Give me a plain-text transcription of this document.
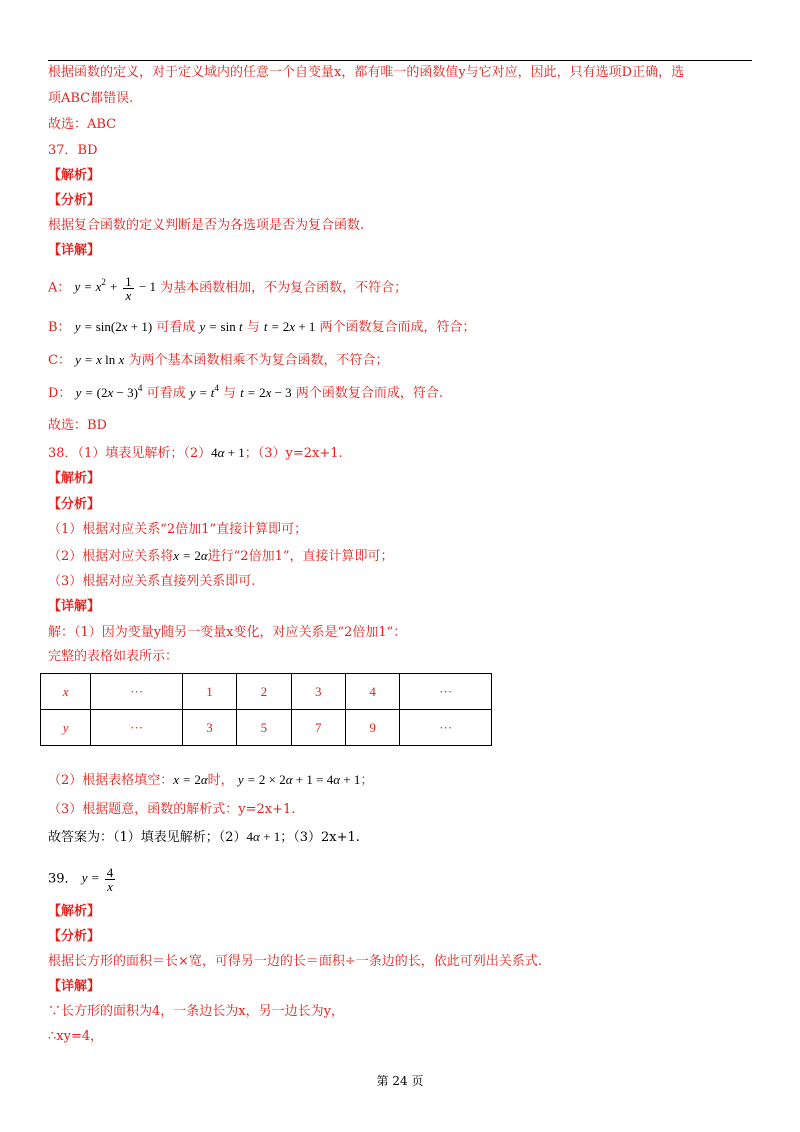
根据函数的定义，对于定义域内的任意一个自变量x，都有唯一的函数值y与它对应，因此，只有选项D正确，选
项ABC都错误.
故选：ABC
37．BD
【解析】
【分析】
根据复合函数的定义判断是否为各选项是否为复合函数.
【详解】
A： $y = x^2 + \frac{1}{x} - 1$ 为基本函数相加，不为复合函数，不符合；
B： y = sin(2x + 1) 可看成 y = sin t 与 t = 2x + 1 两个函数复合而成，符合；
C： y = x ln x 为两个基本函数相乘不为复合函数，不符合；
D： $y = (2x - 3)^4$ 可看成 $y = t^4$ 与 t = 2x − 3 两个函数复合而成，符合.
故选：BD
38．（1）填表见解析；（2）4α + 1；（3）y=2x+1.
【解析】
【分析】
（1）根据对应关系“2倍加1”直接计算即可；
（2）根据对应关系将x = 2α进行“2倍加1”，直接计算即可；
（3）根据对应关系直接列关系即可.
【详解】
解：（1）因为变量y随另一变量x变化，对应关系是“2倍加1”：
完整的表格如表所示：
x	···	1	2	3	4	···
y	···	3	5	7	9	···
（2）根据表格填空：x = 2α时， y = 2 × 2α + 1 = 4α + 1；
（3）根据题意，函数的解析式：y=2x+1.
故答案为：（1）填表见解析；（2）4α + 1；（3）2x+1.
39． $y = \frac{4}{x}$
【解析】
【分析】
根据长方形的面积＝长×宽，可得另一边的长＝面积÷一条边的长，依此可列出关系式.
【详解】
∵长方形的面积为4，一条边长为x，另一边长为y，
∴xy=4，
第 24 页
